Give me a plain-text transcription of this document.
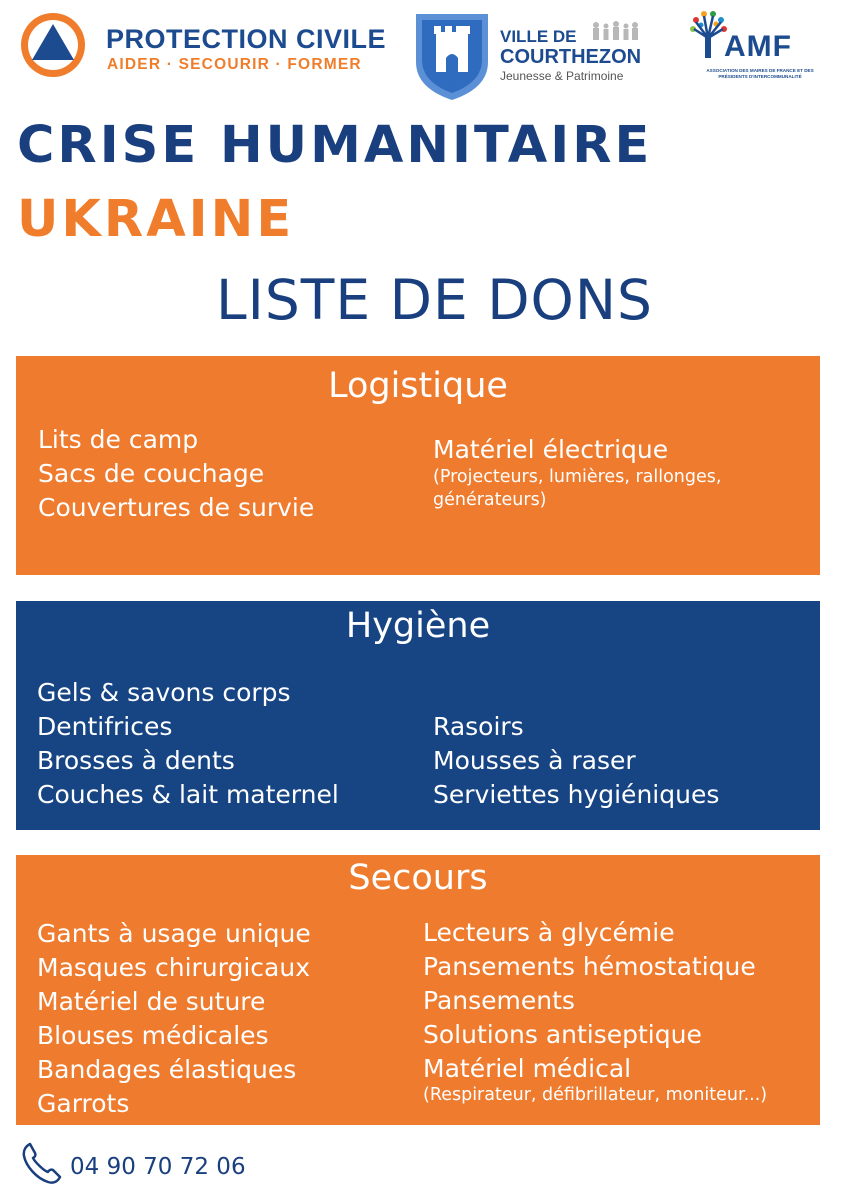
PROTECTION CIVILE
AIDER · SECOURIR · FORMER
VILLE DE
COURTHEZON
Jeunesse & Patrimoine
AMF
ASSOCIATION DES MAIRES DE FRANCE ET DES PRÉSIDENTS D'INTERCOMMUNALITÉ
CRISE HUMANITAIRE
UKRAINE
LISTE DE DONS
Logistique
Lits de camp
Sacs de couchage
Couvertures de survie
Matériel électrique
(Projecteurs, lumières, rallonges,
générateurs)
Hygiène
Gels & savons corps
Dentifrices
Brosses à dents
Couches & lait maternel
Rasoirs
Mousses à raser
Serviettes hygiéniques
Secours
Gants à usage unique
Masques chirurgicaux
Matériel de suture
Blouses médicales
Bandages élastiques
Garrots
Lecteurs à glycémie
Pansements hémostatique
Pansements
Solutions antiseptique
Matériel médical
(Respirateur, défibrillateur, moniteur...)
04 90 70 72 06
